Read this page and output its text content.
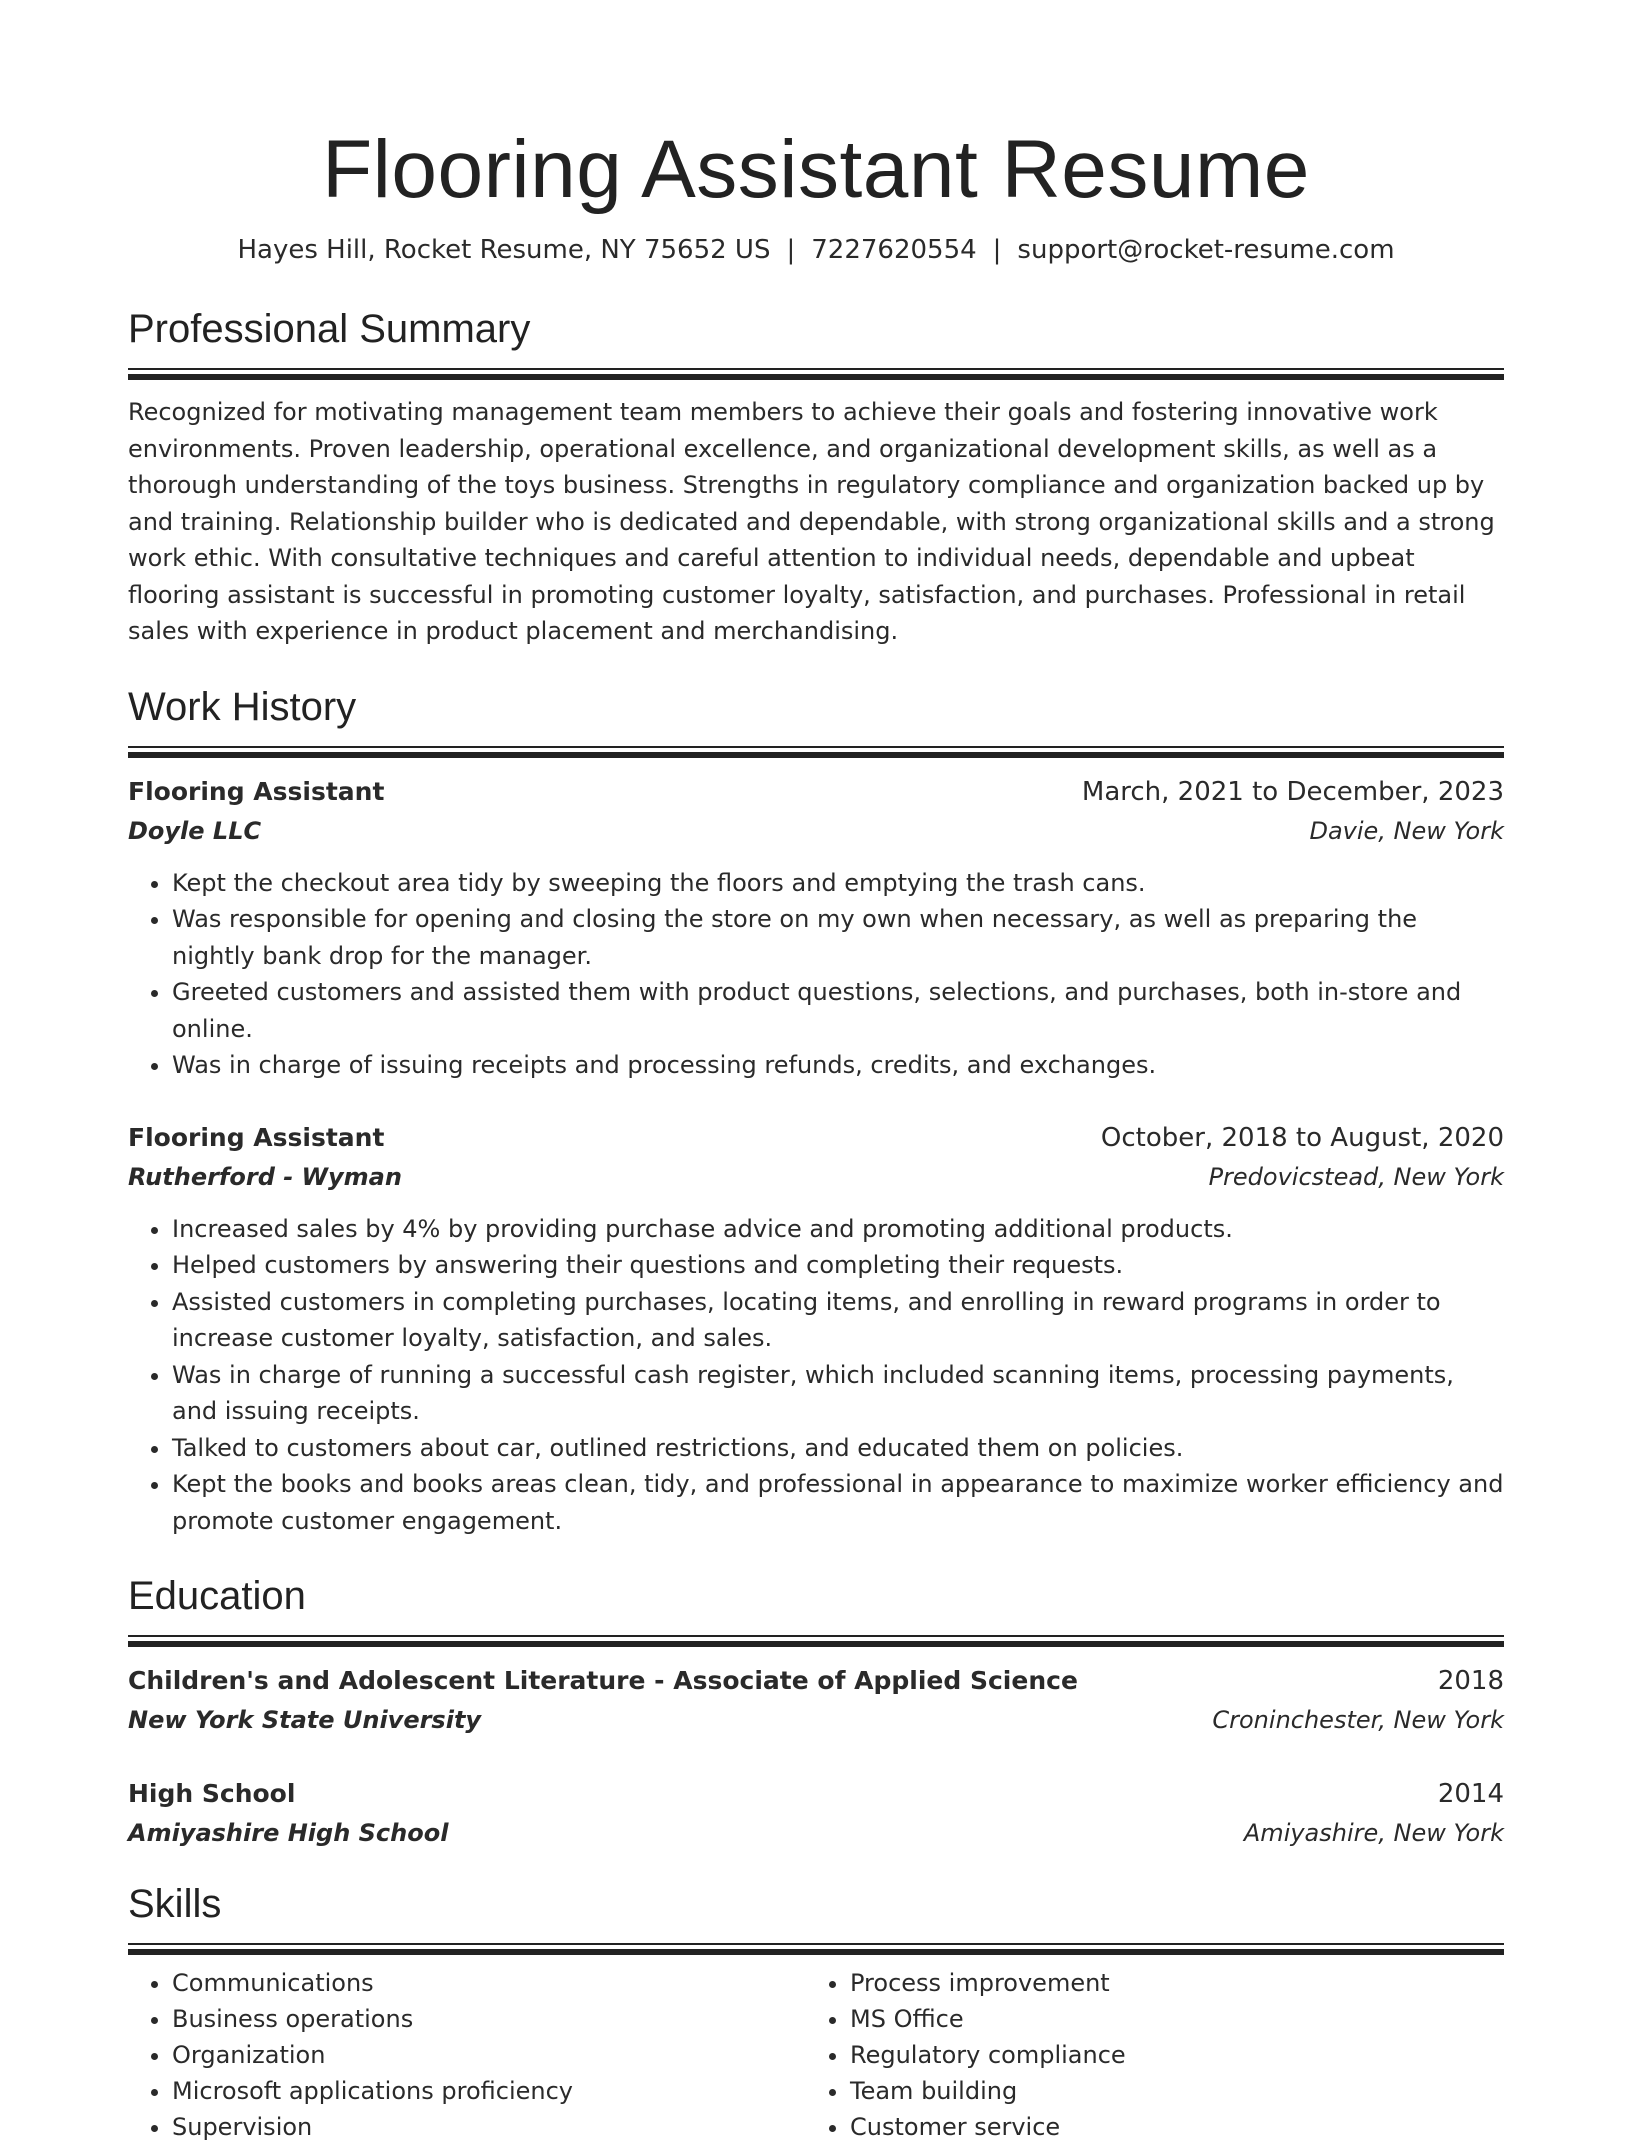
Flooring Assistant Resume
Hayes Hill, Rocket Resume, NY 75652 US | 7227620554 | support@rocket-resume.com
Professional Summary
Recognized for motivating management team members to achieve their goals and fostering innovative work environments. Proven leadership, operational excellence, and organizational development skills, as well as a thorough understanding of the toys business. Strengths in regulatory compliance and organization backed up by and training. Relationship builder who is dedicated and dependable, with strong organizational skills and a strong work ethic. With consultative techniques and careful attention to individual needs, dependable and upbeat flooring assistant is successful in promoting customer loyalty, satisfaction, and purchases. Professional in retail sales with experience in product placement and merchandising.
Work History
Flooring Assistant	March, 2021 to December, 2023
Doyle LLC	Davie, New York
• Kept the checkout area tidy by sweeping the floors and emptying the trash cans.
• Was responsible for opening and closing the store on my own when necessary, as well as preparing the nightly bank drop for the manager.
• Greeted customers and assisted them with product questions, selections, and purchases, both in-store and online.
• Was in charge of issuing receipts and processing refunds, credits, and exchanges.
Flooring Assistant	October, 2018 to August, 2020
Rutherford - Wyman	Predovicstead, New York
• Increased sales by 4% by providing purchase advice and promoting additional products.
• Helped customers by answering their questions and completing their requests.
• Assisted customers in completing purchases, locating items, and enrolling in reward programs in order to increase customer loyalty, satisfaction, and sales.
• Was in charge of running a successful cash register, which included scanning items, processing payments, and issuing receipts.
• Talked to customers about car, outlined restrictions, and educated them on policies.
• Kept the books and books areas clean, tidy, and professional in appearance to maximize worker efficiency and promote customer engagement.
Education
Children's and Adolescent Literature - Associate of Applied Science	2018
New York State University	Croninchester, New York
High School	2014
Amiyashire High School	Amiyashire, New York
Skills
• Communications
• Business operations
• Organization
• Microsoft applications proficiency
• Supervision
• Process improvement
• MS Office
• Regulatory compliance
• Team building
• Customer service
